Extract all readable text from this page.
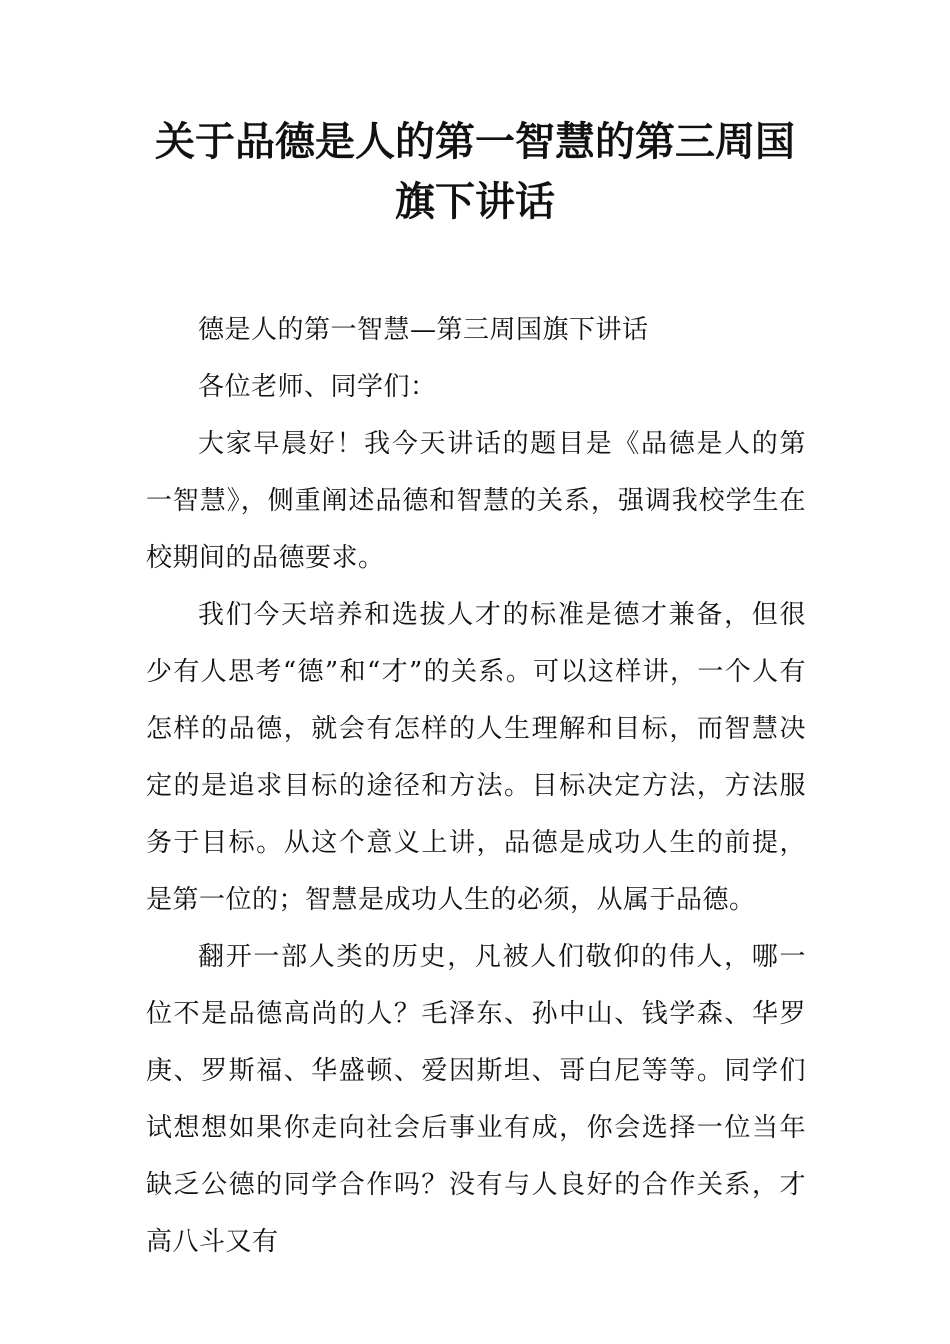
关于品德是人的第一智慧的第三周国旗下讲话

德是人的第一智慧—第三周国旗下讲话

各位老师、同学们：

大家早晨好！我今天讲话的题目是《品德是人的第一智慧》，侧重阐述品德和智慧的关系，强调我校学生在校期间的品德要求。

我们今天培养和选拔人才的标准是德才兼备，但很少有人思考“德”和“才”的关系。可以这样讲，一个人有怎样的品德，就会有怎样的人生理解和目标，而智慧决定的是追求目标的途径和方法。目标决定方法，方法服务于目标。从这个意义上讲，品德是成功人生的前提，是第一位的；智慧是成功人生的必须，从属于品德。

翻开一部人类的历史，凡被人们敬仰的伟人，哪一位不是品德高尚的人？毛泽东、孙中山、钱学森、华罗庚、罗斯福、华盛顿、爱因斯坦、哥白尼等等。同学们试想想如果你走向社会后事业有成，你会选择一位当年缺乏公德的同学合作吗？没有与人良好的合作关系，才高八斗又有
